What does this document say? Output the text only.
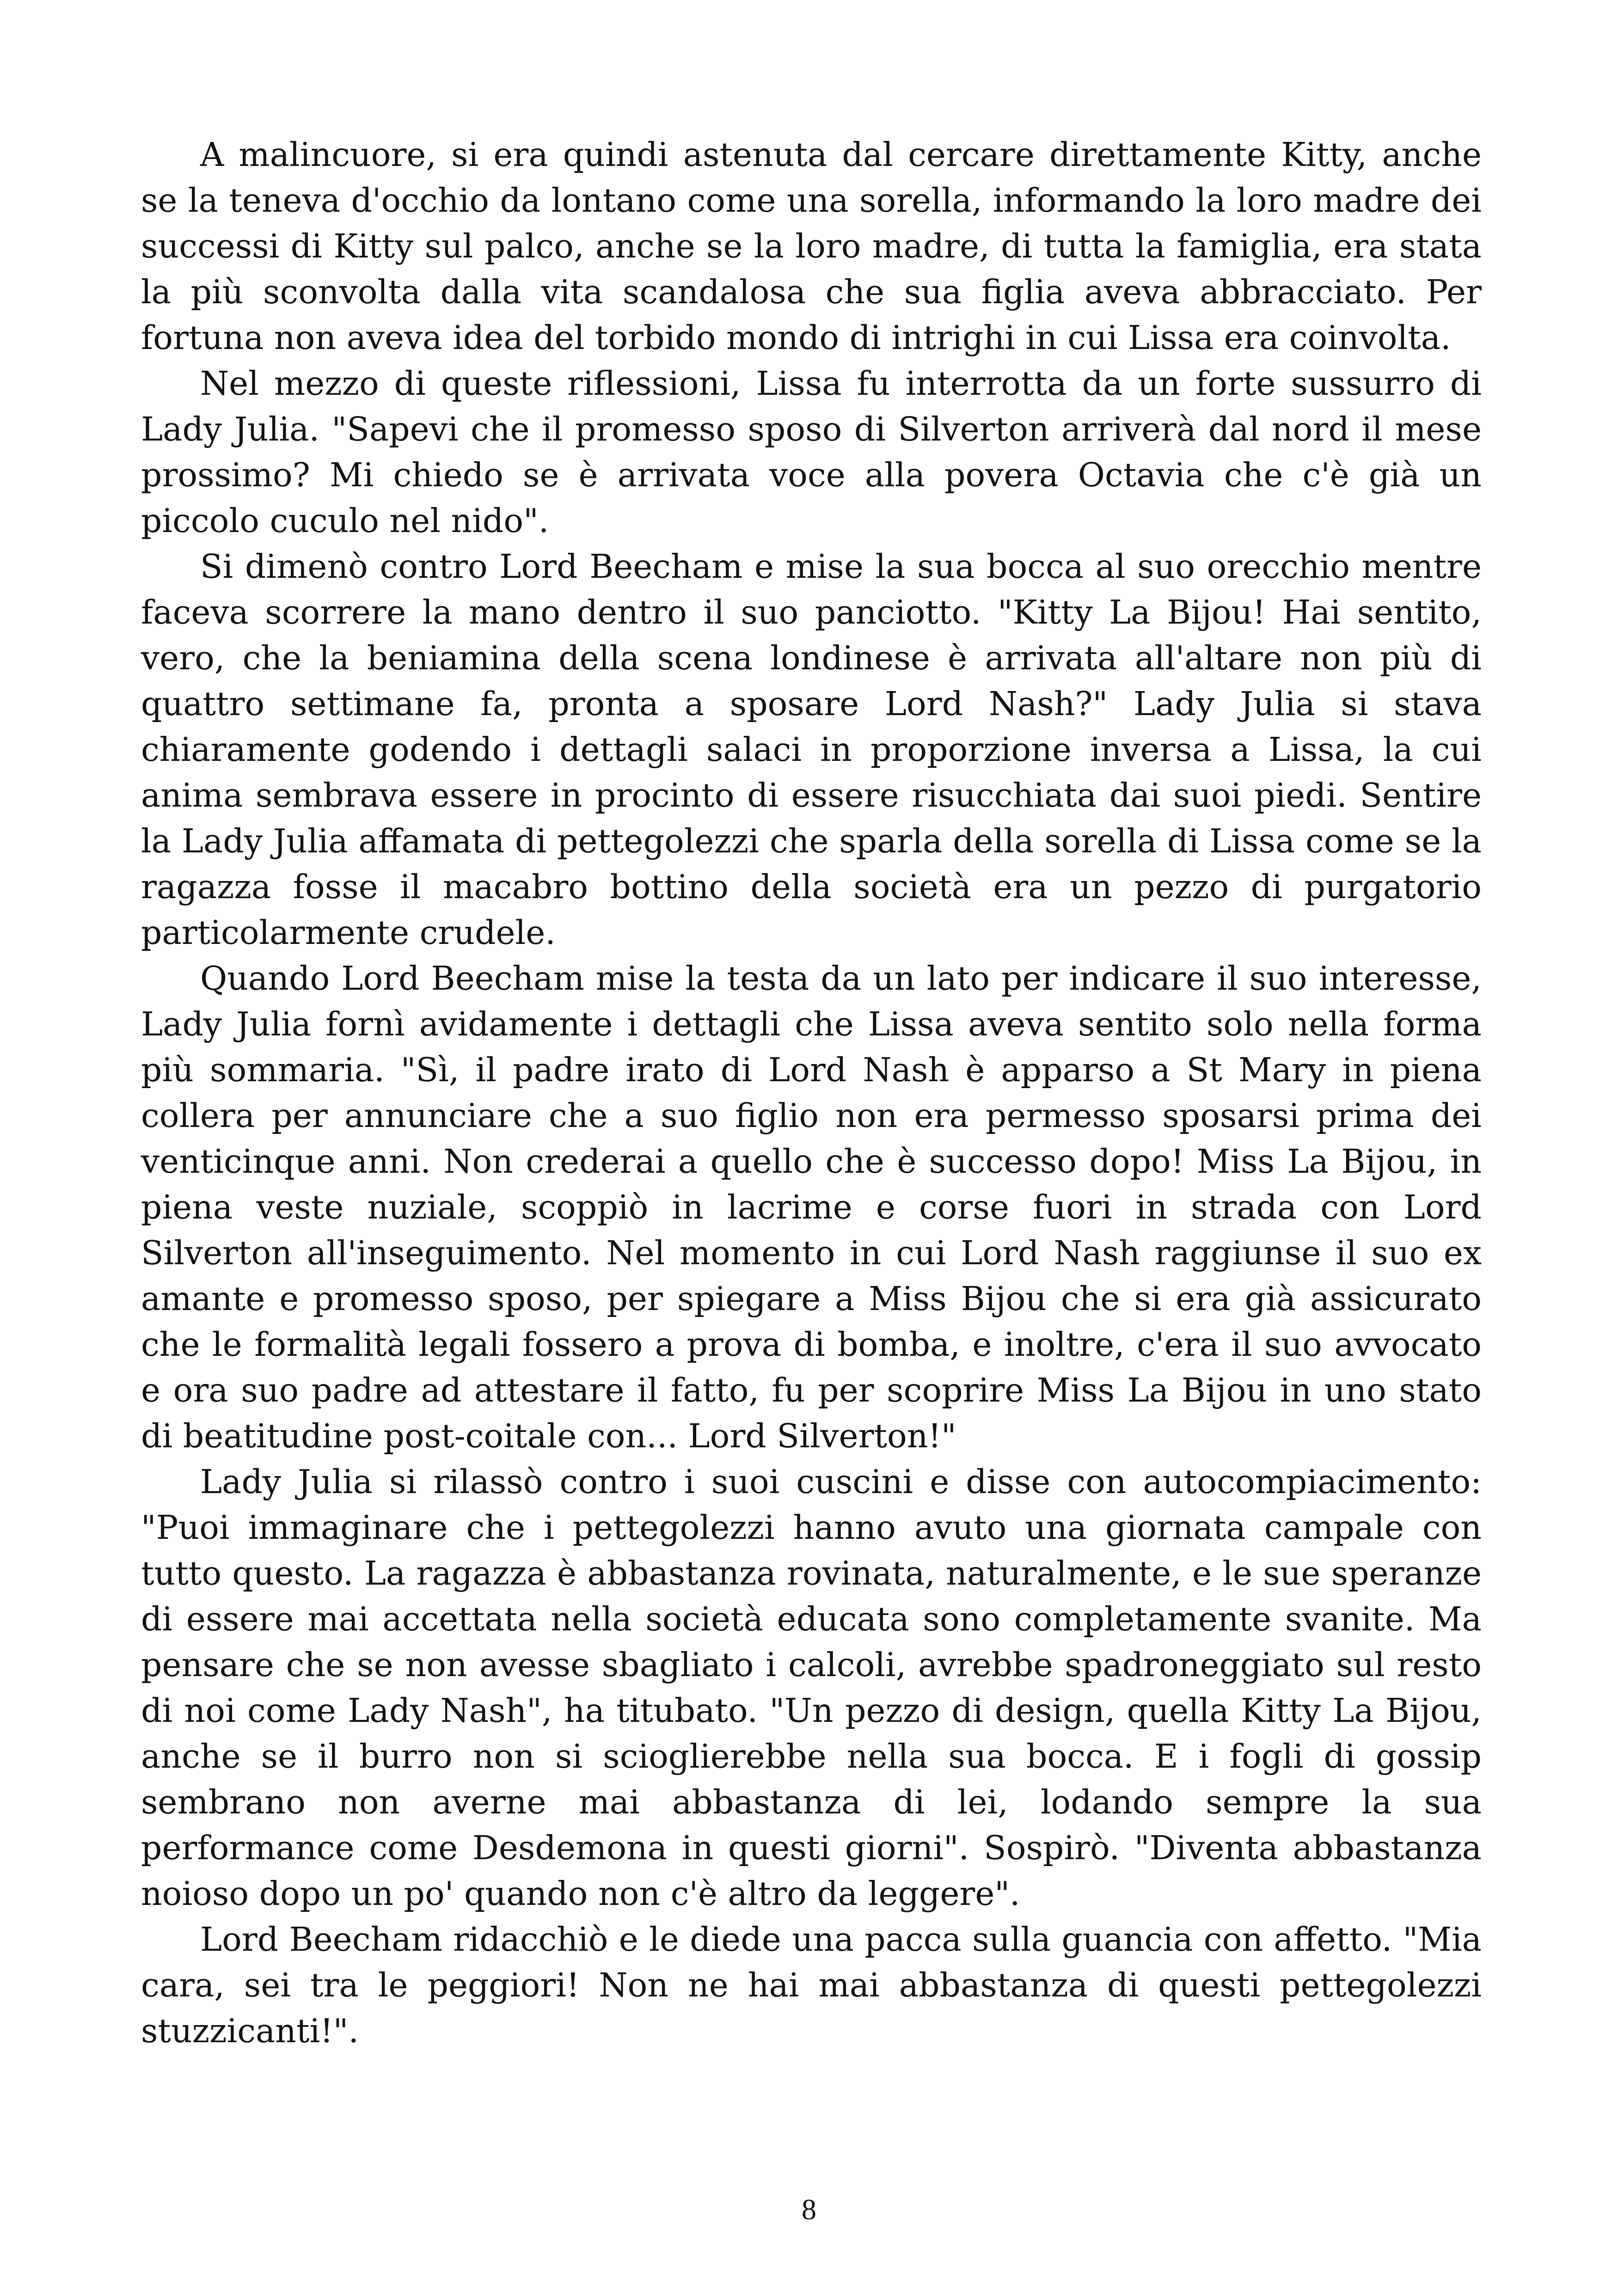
A malincuore, si era quindi astenuta dal cercare direttamente Kitty, anche se la teneva d'occhio da lontano come una sorella, informando la loro madre dei successi di Kitty sul palco, anche se la loro madre, di tutta la famiglia, era stata la più sconvolta dalla vita scandalosa che sua figlia aveva abbracciato. Per fortuna non aveva idea del torbido mondo di intrighi in cui Lissa era coinvolta.

Nel mezzo di queste riflessioni, Lissa fu interrotta da un forte sussurro di Lady Julia. "Sapevi che il promesso sposo di Silverton arriverà dal nord il mese prossimo? Mi chiedo se è arrivata voce alla povera Octavia che c'è già un piccolo cuculo nel nido".

Si dimenò contro Lord Beecham e mise la sua bocca al suo orecchio mentre faceva scorrere la mano dentro il suo panciotto. "Kitty La Bijou! Hai sentito, vero, che la beniamina della scena londinese è arrivata all'altare non più di quattro settimane fa, pronta a sposare Lord Nash?" Lady Julia si stava chiaramente godendo i dettagli salaci in proporzione inversa a Lissa, la cui anima sembrava essere in procinto di essere risucchiata dai suoi piedi. Sentire la Lady Julia affamata di pettegolezzi che sparla della sorella di Lissa come se la ragazza fosse il macabro bottino della società era un pezzo di purgatorio particolarmente crudele.

Quando Lord Beecham mise la testa da un lato per indicare il suo interesse, Lady Julia fornì avidamente i dettagli che Lissa aveva sentito solo nella forma più sommaria. "Sì, il padre irato di Lord Nash è apparso a St Mary in piena collera per annunciare che a suo figlio non era permesso sposarsi prima dei venticinque anni. Non crederai a quello che è successo dopo! Miss La Bijou, in piena veste nuziale, scoppiò in lacrime e corse fuori in strada con Lord Silverton all'inseguimento. Nel momento in cui Lord Nash raggiunse il suo ex amante e promesso sposo, per spiegare a Miss Bijou che si era già assicurato che le formalità legali fossero a prova di bomba, e inoltre, c'era il suo avvocato e ora suo padre ad attestare il fatto, fu per scoprire Miss La Bijou in uno stato di beatitudine post-coitale con... Lord Silverton!"

Lady Julia si rilassò contro i suoi cuscini e disse con autocompiacimento: "Puoi immaginare che i pettegolezzi hanno avuto una giornata campale con tutto questo. La ragazza è abbastanza rovinata, naturalmente, e le sue speranze di essere mai accettata nella società educata sono completamente svanite. Ma pensare che se non avesse sbagliato i calcoli, avrebbe spadroneggiato sul resto di noi come Lady Nash", ha titubato. "Un pezzo di design, quella Kitty La Bijou, anche se il burro non si scioglierebbe nella sua bocca. E i fogli di gossip sembrano non averne mai abbastanza di lei, lodando sempre la sua performance come Desdemona in questi giorni". Sospirò. "Diventa abbastanza noioso dopo un po' quando non c'è altro da leggere".

Lord Beecham ridacchiò e le diede una pacca sulla guancia con affetto. "Mia cara, sei tra le peggiori! Non ne hai mai abbastanza di questi pettegolezzi stuzzicanti!".

8
